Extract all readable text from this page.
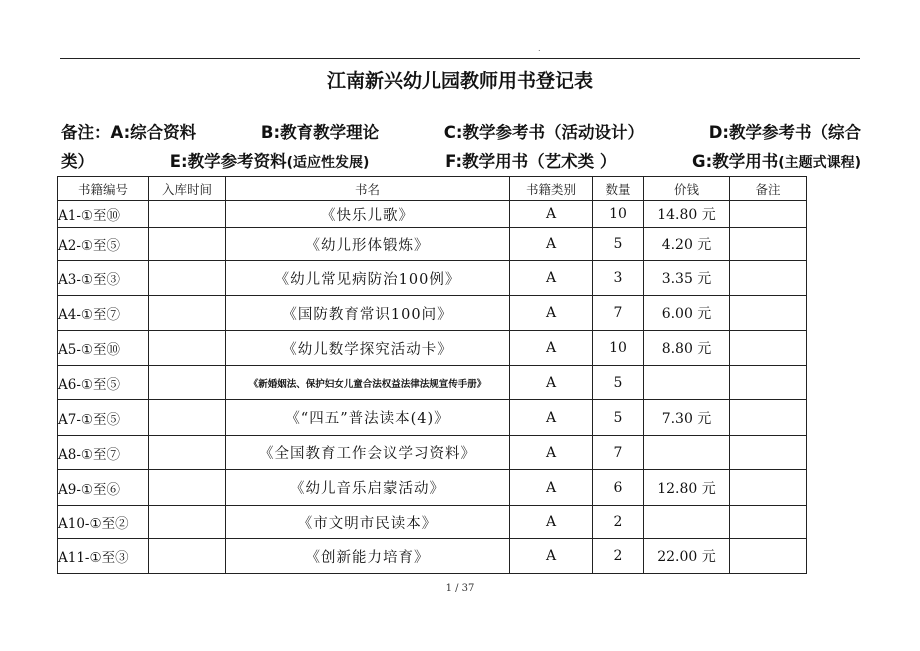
.
江南新兴幼儿园教师用书登记表
备注：A:综合资料	B:教育教学理论	C:教学参考书（活动设计）	D:教学参考书（综合
类）	E:教学参考资料(适应性发展)	F:教学用书（艺术类 ）	G:教学用书(主题式课程)
书籍编号	入库时间	书名	书籍类别	数量	价钱	备注
A1-①至⑩		《快乐儿歌》	A	10	14.80 元	
A2-①至⑤		《幼儿形体锻炼》	A	5	4.20 元	
A3-①至③		《幼儿常见病防治100例》	A	3	3.35 元	
A4-①至⑦		《国防教育常识100问》	A	7	6.00 元	
A5-①至⑩		《幼儿数学探究活动卡》	A	10	8.80 元	
A6-①至⑤		《新婚姻法、保护妇女儿童合法权益法律法规宣传手册》	A	5		
A7-①至⑤		《“四五”普法读本(4)》	A	5	7.30 元	
A8-①至⑦		《全国教育工作会议学习资料》	A	7		
A9-①至⑥		《幼儿音乐启蒙活动》	A	6	12.80 元	
A10-①至②		《市文明市民读本》	A	2		
A11-①至③		《创新能力培育》	A	2	22.00 元	
1 / 37
